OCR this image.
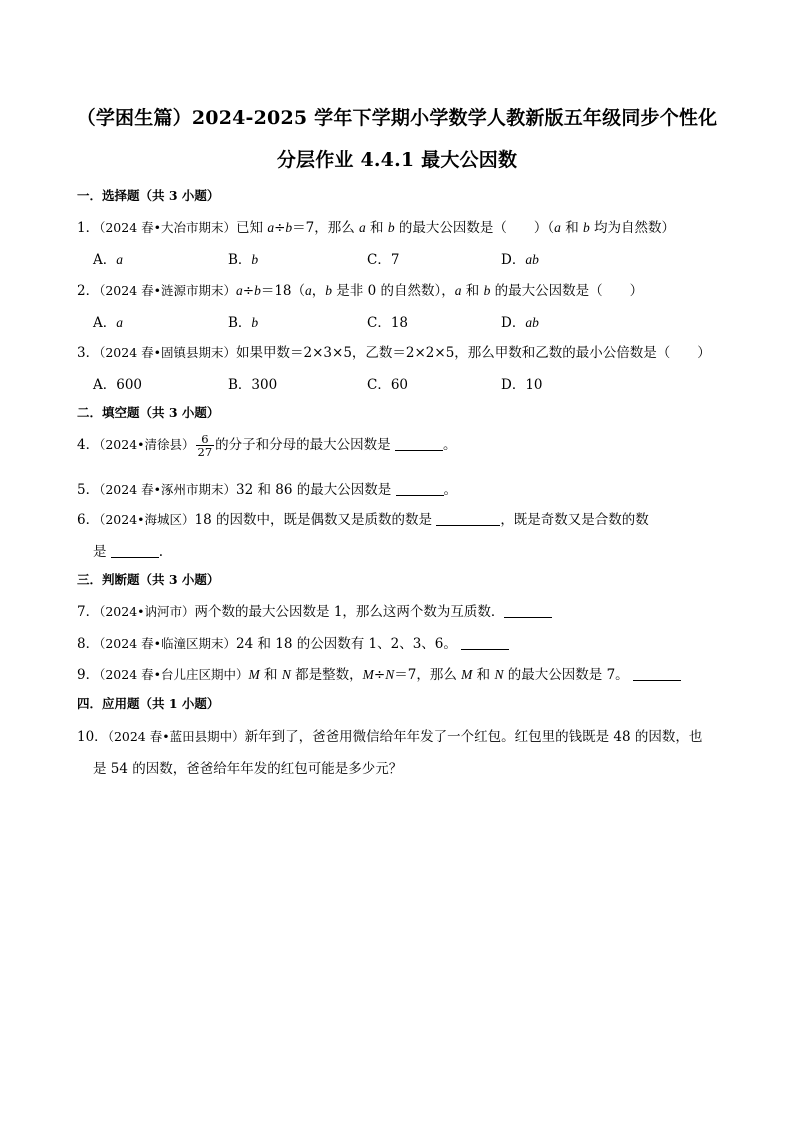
（学困生篇）2024-2025 学年下学期小学数学人教新版五年级同步个性化
分层作业 4.4.1 最大公因数
一．选择题（共 3 小题）
1．（2024 春•大冶市期末）已知 a÷b＝7，那么 a 和 b 的最大公因数是（　　）（a 和 b 均为自然数）
A．a	B．b	C．7	D．ab
2．（2024 春•涟源市期末）a÷b＝18（a，b 是非 0 的自然数），a 和 b 的最大公因数是（　　）
A．a	B．b	C．18	D．ab
3．（2024 春•固镇县期末）如果甲数＝2×3×5，乙数＝2×2×5，那么甲数和乙数的最小公倍数是（　　）
A．600	B．300	C．60	D．10
二．填空题（共 3 小题）
4．（2024•清徐县） $\frac{6}{27}$ 的分子和分母的最大公因数是	。
5．（2024 春•涿州市期末）32 和 86 的最大公因数是	。
6．（2024•海城区）18 的因数中，既是偶数又是质数的数是	，既是奇数又是合数的数
是	.
三．判断题（共 3 小题）
7．（2024•讷河市）两个数的最大公因数是 1，那么这两个数为互质数．
8．（2024 春•临潼区期末）24 和 18 的公因数有 1、2、3、6。
9．（2024 春•台儿庄区期中）M 和 N 都是整数，M÷N＝7，那么 M 和 N 的最大公因数是 7。
四．应用题（共 1 小题）
10．（2024 春•蓝田县期中）新年到了，爸爸用微信给年年发了一个红包。红包里的钱既是 48 的因数，也
是 54 的因数，爸爸给年年发的红包可能是多少元？
